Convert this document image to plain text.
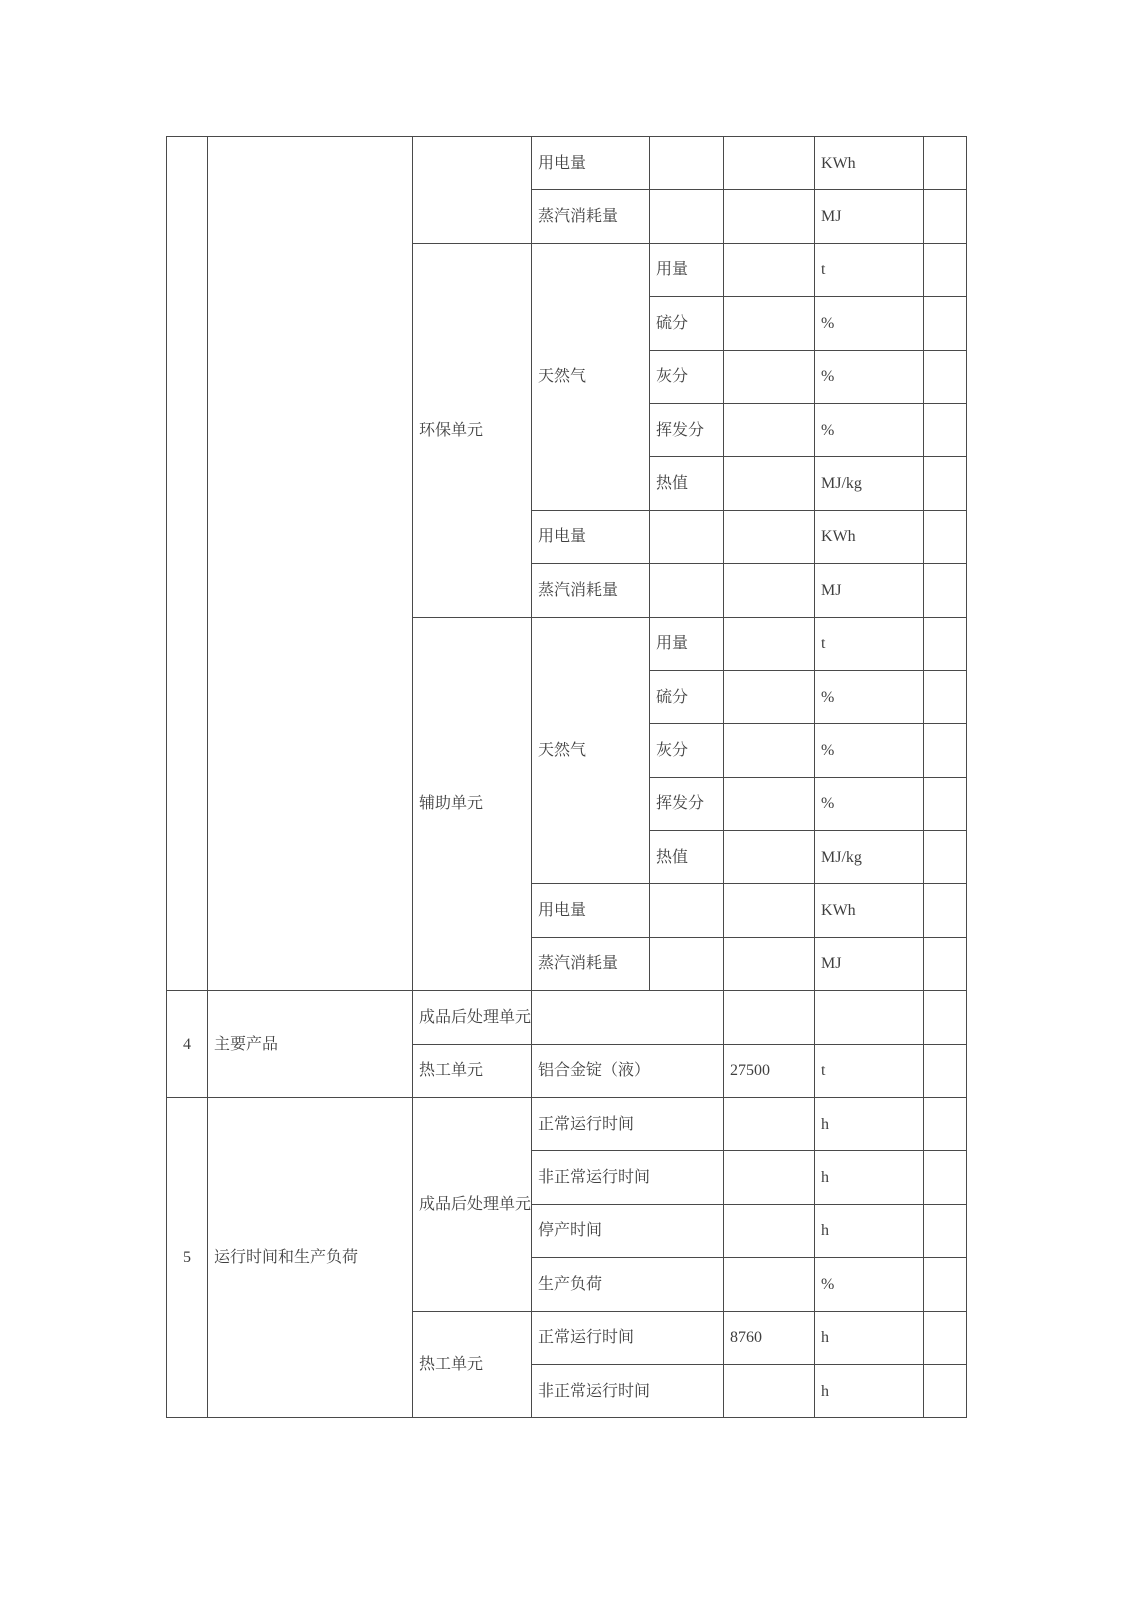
			用电量			KWh	
			蒸汽消耗量			MJ	
		环保单元	天然气	用量		t	
				硫分		%	
				灰分		%	
				挥发分		%	
				热值		MJ/kg	
			用电量			KWh	
			蒸汽消耗量			MJ	
		辅助单元	天然气	用量		t	
				硫分		%	
				灰分		%	
				挥发分		%	
				热值		MJ/kg	
			用电量			KWh	
			蒸汽消耗量			MJ	
4	主要产品	成品后处理单元					
		热工单元	铝合金锭（液）		27500	t	
5	运行时间和生产负荷	成品后处理单元	正常运行时间			h	
			非正常运行时间			h	
			停产时间			h	
			生产负荷			%	
		热工单元	正常运行时间		8760	h	
			非正常运行时间			h	
